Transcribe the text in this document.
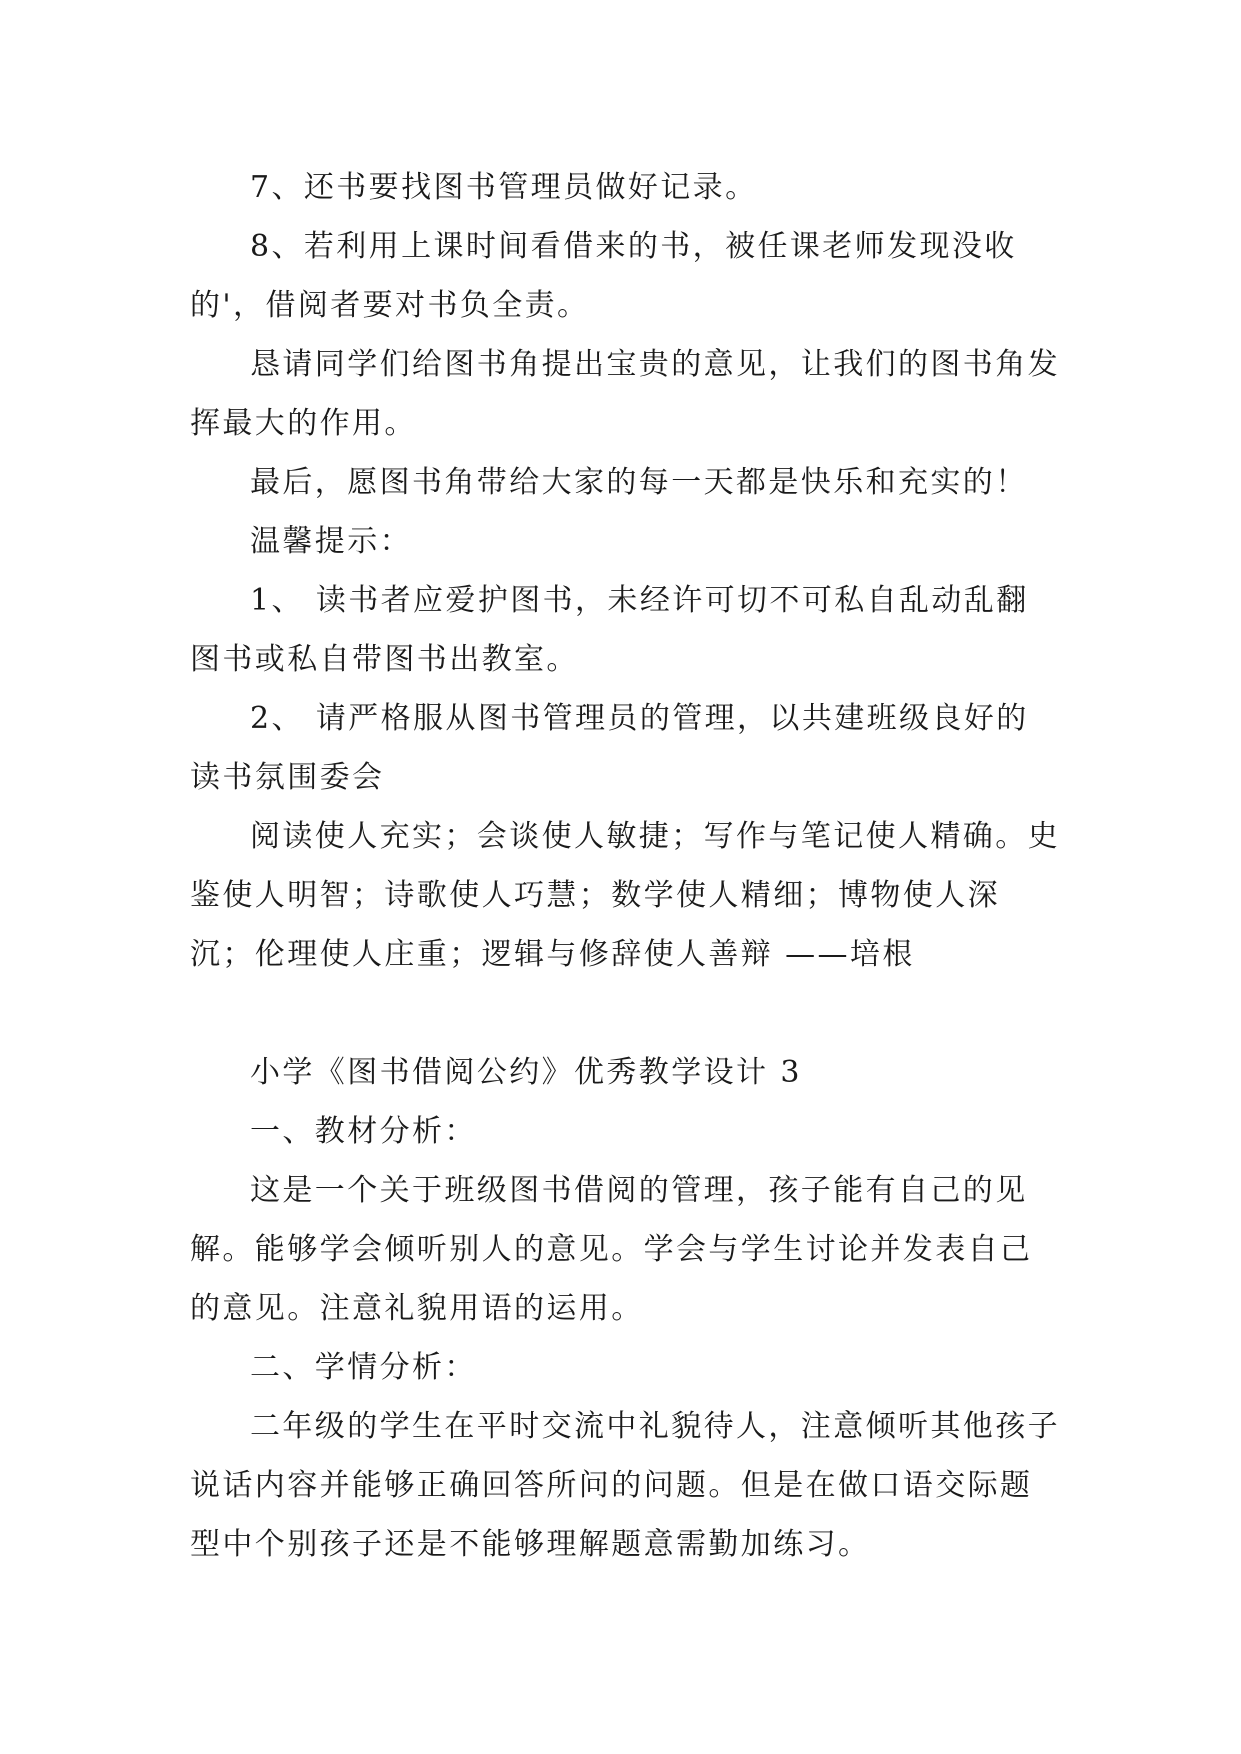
7、还书要找图书管理员做好记录。

8、若利用上课时间看借来的书，被任课老师发现没收的'，借阅者要对书负全责。

恳请同学们给图书角提出宝贵的意见，让我们的图书角发挥最大的作用。

最后，愿图书角带给大家的每一天都是快乐和充实的！

温馨提示：

1、 读书者应爱护图书，未经许可切不可私自乱动乱翻图书或私自带图书出教室。

2、 请严格服从图书管理员的管理，以共建班级良好的读书氛围委会

阅读使人充实；会谈使人敏捷；写作与笔记使人精确。史鉴使人明智；诗歌使人巧慧；数学使人精细；博物使人深沉；伦理使人庄重；逻辑与修辞使人善辩 ——培根

小学《图书借阅公约》优秀教学设计 3

一、教材分析：

这是一个关于班级图书借阅的管理，孩子能有自己的见解。能够学会倾听别人的意见。学会与学生讨论并发表自己的意见。注意礼貌用语的运用。

二、学情分析：

二年级的学生在平时交流中礼貌待人，注意倾听其他孩子说话内容并能够正确回答所问的问题。但是在做口语交际题型中个别孩子还是不能够理解题意需勤加练习。
